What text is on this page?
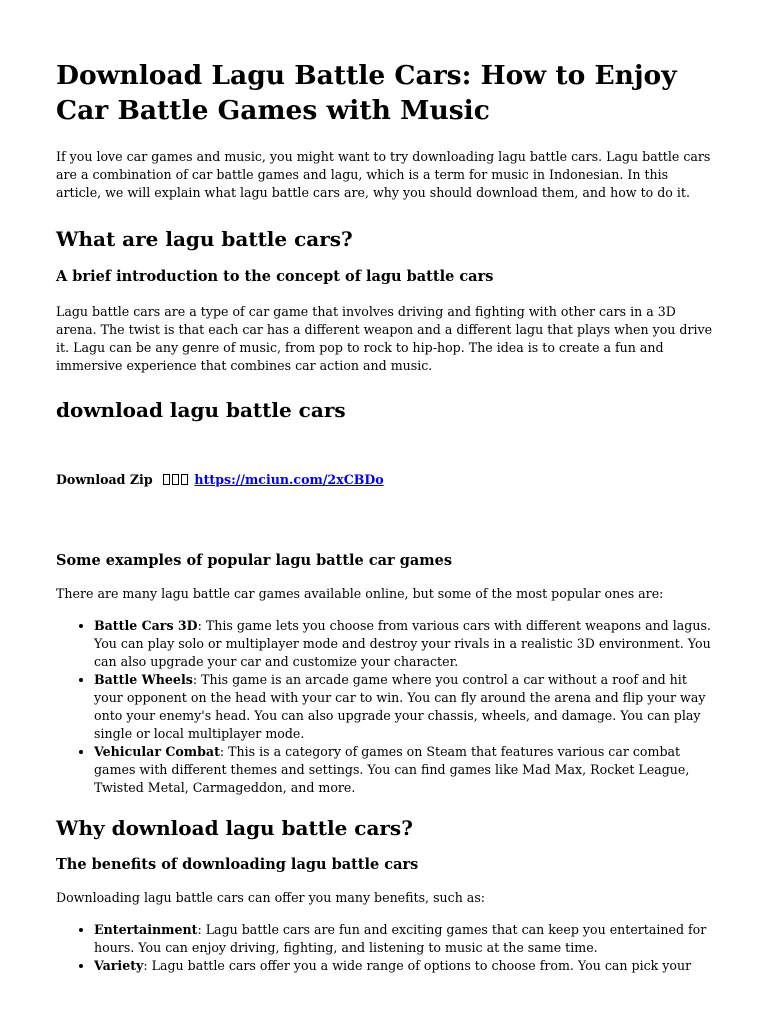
Download Lagu Battle Cars: How to Enjoy Car Battle Games with Music

If you love car games and music, you might want to try downloading lagu battle cars. Lagu battle cars are a combination of car battle games and lagu, which is a term for music in Indonesian. In this article, we will explain what lagu battle cars are, why you should download them, and how to do it.

What are lagu battle cars?
A brief introduction to the concept of lagu battle cars

Lagu battle cars are a type of car game that involves driving and fighting with other cars in a 3D arena. The twist is that each car has a different weapon and a different lagu that plays when you drive it. Lagu can be any genre of music, from pop to rock to hip-hop. The idea is to create a fun and immersive experience that combines car action and music.

download lagu battle cars
Download Zip	https://mciun.com/2xCBDo
Some examples of popular lagu battle car games

There are many lagu battle car games available online, but some of the most popular ones are:

• Battle Cars 3D: This game lets you choose from various cars with different weapons and lagus. You can play solo or multiplayer mode and destroy your rivals in a realistic 3D environment. You can also upgrade your car and customize your character.
• Battle Wheels: This game is an arcade game where you control a car without a roof and hit your opponent on the head with your car to win. You can fly around the arena and flip your way onto your enemy's head. You can also upgrade your chassis, wheels, and damage. You can play single or local multiplayer mode.
• Vehicular Combat: This is a category of games on Steam that features various car combat games with different themes and settings. You can find games like Mad Max, Rocket League, Twisted Metal, Carmageddon, and more.
Why download lagu battle cars?
The benefits of downloading lagu battle cars

Downloading lagu battle cars can offer you many benefits, such as:

• Entertainment: Lagu battle cars are fun and exciting games that can keep you entertained for hours. You can enjoy driving, fighting, and listening to music at the same time.
• Variety: Lagu battle cars offer you a wide range of options to choose from. You can pick your
